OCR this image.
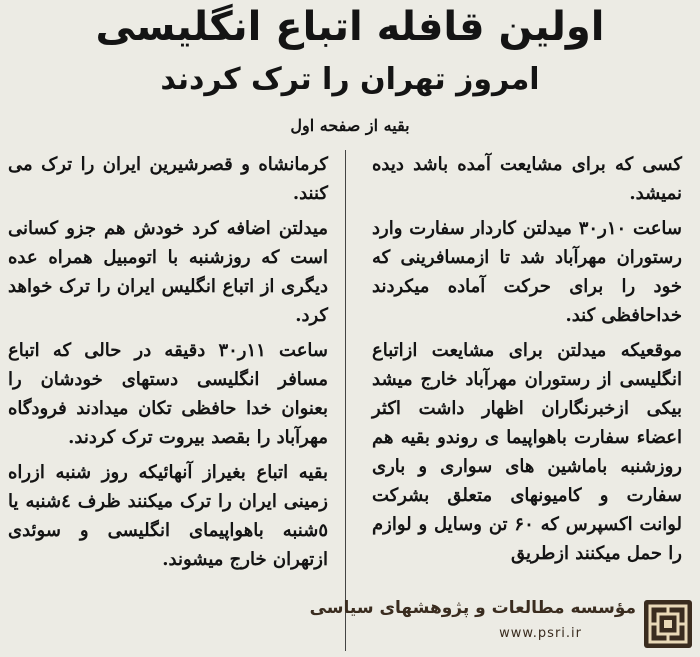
اولین قافله اتباع انگلیسی
امروز تهران را ترک کردند
بقیه از صفحه اول

کسی که برای مشایعت آمده باشد دیده نمیشد.

ساعت ۱۰ر۳۰ میدلتن کاردار سفارت وارد رستوران مهرآباد شد تا ازمسافرینی که خود را برای حرکت آماده میکردند خداحافظی کند.

موقعیکه میدلتن برای مشایعت ازاتباع انگلیسی از رستوران مهرآباد خارج میشد بیکی ازخبرنگاران اظهار داشت اکثر اعضاء سفارت باهواپیما ی روندو بقیه هم روزشنبه باماشین های سواری و باری سفارت و کامیونهای متعلق بشرکت لوانت اکسپرس که ۶۰ تن وسایل و لوازم را حمل میکنند ازطریق

کرمانشاه و قصرشیرین ایران را ترک می کنند.

میدلتن اضافه کرد خودش هم جزو کسانی است که روزشنبه با اتومبیل همراه عده دیگری از اتباع انگلیس ایران را ترک خواهد کرد.

ساعت ۱۱ر۳۰ دقیقه در حالی که اتباع مسافر انگلیسی دستهای خودشان را بعنوان خدا حافظی تکان میدادند فرودگاه مهرآباد را بقصد بیروت ترک کردند.

بقیه اتباع بغیراز آنهائیکه روز شنبه ازراه زمینی ایران را ترک میکنند ظرف ٤شنبه یا ٥شنبه باهواپیمای انگلیسی و سوئدی ازتهران خارج میشوند.

مؤسسه مطالعات و پژوهشهای سیاسی
www.psri.ir
